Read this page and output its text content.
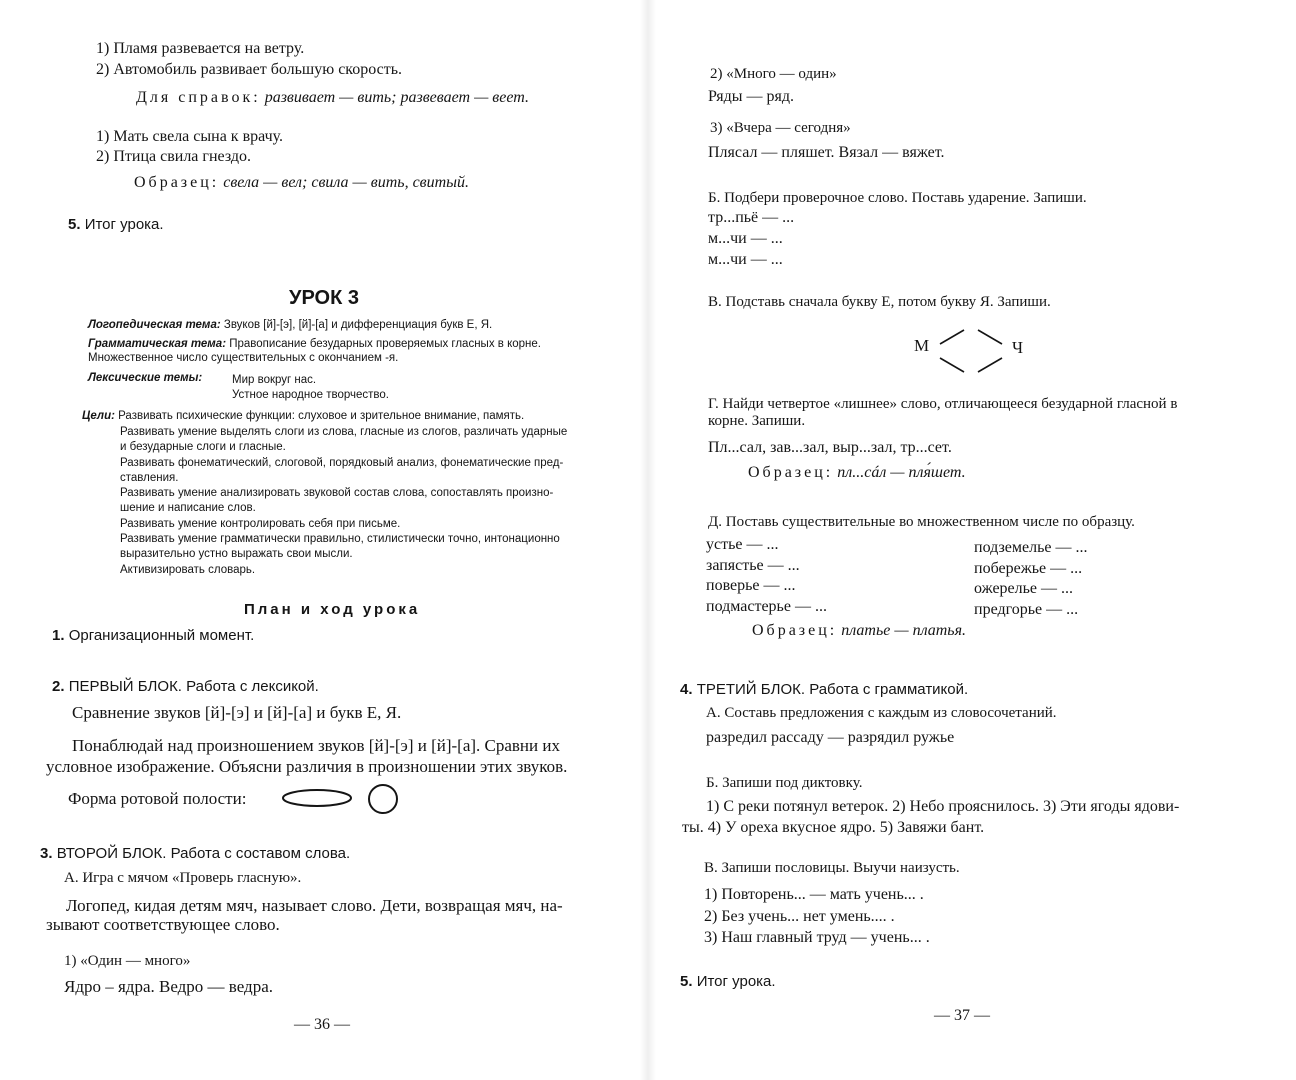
1) Пламя развевается на ветру.
2) Автомобиль развивает большую скорость.
Для справок: развивает — вить; развевает — веет.
1) Мать свела сына к врачу.
2) Птица свила гнездо.
Образец: свела — вел; свила — вить, свитый.
5. Итог урока.
УРОК 3
Логопедическая тема: Звуков [й]-[э], [й]-[а] и дифференциация букв Е, Я.
Грамматическая тема: Правописание безударных проверяемых гласных в корне.
Множественное число существительных с окончанием -я.
Лексические темы:	Мир вокруг нас.
Устное народное творчество.
Цели: Развивать психические функции: слуховое и зрительное внимание, память.
Развивать умение выделять слоги из слова, гласные из слогов, различать ударные
и безударные слоги и гласные.
Развивать фонематический, слоговой, порядковый анализ, фонематические пред-
ставления.
Развивать умение анализировать звуковой состав слова, сопоставлять произно-
шение и написание слов.
Развивать умение контролировать себя при письме.
Развивать умение грамматически правильно, стилистически точно, интонационно
выразительно устно выражать свои мысли.
Активизировать словарь.
План и ход урока
1. Организационный момент.
2. ПЕРВЫЙ БЛОК. Работа с лексикой.
Сравнение звуков [й]-[э] и [й]-[а] и букв Е, Я.
Понаблюдай над произношением звуков [й]-[э] и [й]-[а]. Сравни их
условное изображение. Объясни различия в произношении этих звуков.
Форма ротовой полости:
3. ВТОРОЙ БЛОК. Работа с составом слова.
А. Игра с мячом «Проверь гласную».
Логопед, кидая детям мяч, называет слово. Дети, возвращая мяч, на-
зывают соответствующее слово.
1) «Один — много»
Ядро – ядра. Ведро — ведра.
— 36 —
2) «Много — один»
Ряды — ряд.
3) «Вчера — сегодня»
Плясал — пляшет. Вязал — вяжет.
Б. Подбери проверочное слово. Поставь ударение. Запиши.
тр...пьё — ...
м...чи — ...
м...чи — ...
В. Подставь сначала букву Е, потом букву Я. Запиши.
М	Ч
Г. Найди четвертое «лишнее» слово, отличающееся безударной гласной в
корне. Запиши.
Пл...сал, зав...зал, выр...зал, тр...сет.
Образец: пл...сáл — пля́шет.
Д. Поставь существительные во множественном числе по образцу.
устье — ...
запястье — ...
поверье — ...
подмастерье — ...
подземелье — ...
побережье — ...
ожерелье — ...
предгорье — ...
Образец: платье — платья.
4. ТРЕТИЙ БЛОК. Работа с грамматикой.
А. Составь предложения с каждым из словосочетаний.
разредил рассаду — разрядил ружье
Б. Запиши под диктовку.
1) С реки потянул ветерок. 2) Небо прояснилось. 3) Эти ягоды ядови-
ты. 4) У ореха вкусное ядро. 5) Завяжи бант.
В. Запиши пословицы. Выучи наизусть.
1) Повторень... — мать учень... .
2) Без учень... нет умень.... .
3) Наш главный труд — учень... .
5. Итог урока.
— 37 —
